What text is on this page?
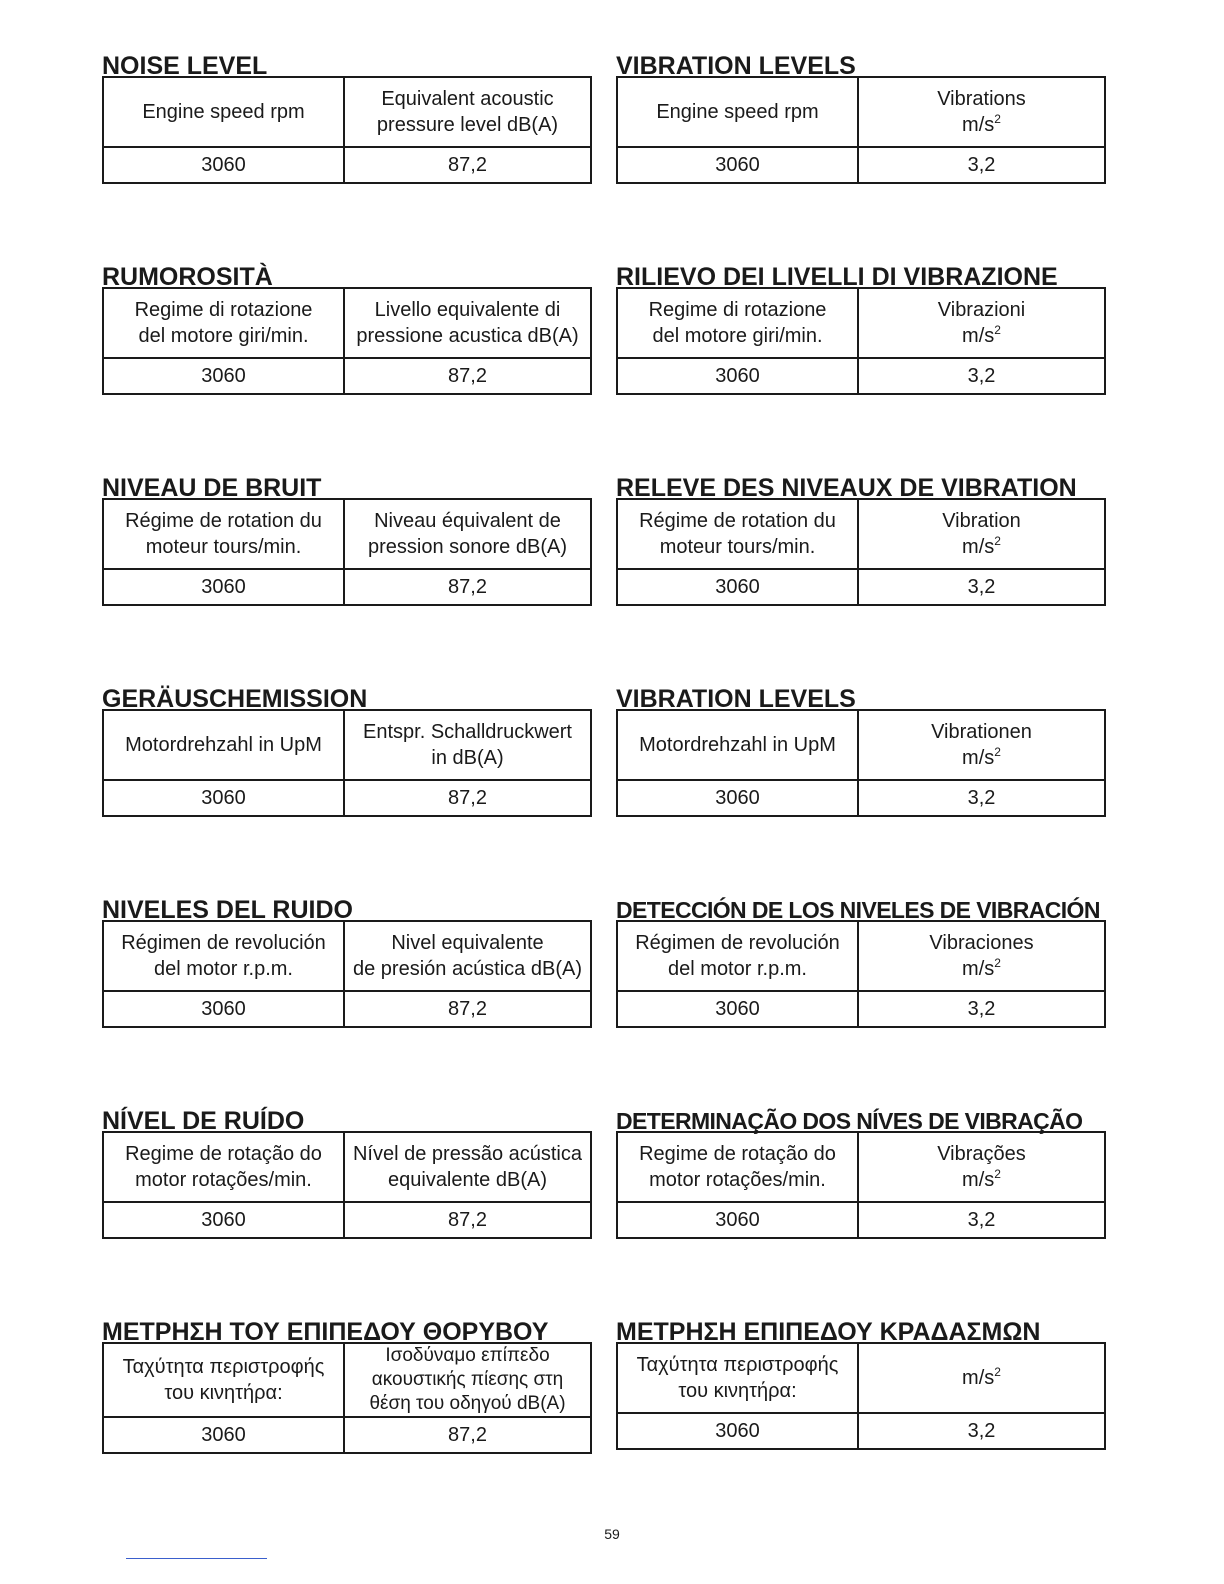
NOISE LEVEL
Engine speed rpm	Equivalent acoustic
pressure level dB(A)

3060	87,2
VIBRATION LEVELS
Engine speed rpm	Vibrations
$m/s^2$

3060	3,2
RUMOROSITÀ
Regime di rotazione
del motore giri/min.	Livello equivalente di
pressione acustica dB(A)

3060	87,2
RILIEVO DEI LIVELLI DI VIBRAZIONE
Regime di rotazione
del motore giri/min.	Vibrazioni
$m/s^2$

3060	3,2
NIVEAU DE BRUIT
Régime de rotation du
moteur tours/min.	Niveau équivalent de
pression sonore dB(A)

3060	87,2
RELEVE DES NIVEAUX DE VIBRATION
Régime de rotation du
moteur tours/min.	Vibration
$m/s^2$

3060	3,2
GERÄUSCHEMISSION
Motordrehzahl in UpM	Entspr. Schalldruckwert
in dB(A)

3060	87,2
VIBRATION LEVELS
Motordrehzahl in UpM	Vibrationen
$m/s^2$

3060	3,2
NIVELES DEL RUIDO
Régimen de revolución
del motor r.p.m.	Nivel equivalente
de presión acústica dB(A)

3060	87,2
DETECCIÓN DE LOS NIVELES DE VIBRACIÓN
Régimen de revolución
del motor r.p.m.	Vibraciones
$m/s^2$

3060	3,2
NÍVEL DE RUÍDO
Regime de rotação do
motor rotações/min.	Nível de pressão acústica
equivalente dB(A)

3060	87,2
DETERMINAÇÃO DOS NÍVES DE VIBRAÇÃO
Regime de rotação do
motor rotações/min.	Vibrações
$m/s^2$

3060	3,2
ΜΕΤΡΗΣΗ ΤΟΥ ΕΠΙΠΕΔΟΥ ΘΟΡΥΒΟΥ
Ταχύτητα περιστροφής
του κινητήρα:	Ισοδύναμο επίπεδο
ακουστικής πίεσης στη
θέση του οδηγού dB(A)

3060	87,2
ΜΕΤΡΗΣΗ ΕΠΙΠΕΔΟΥ ΚΡΑΔΑΣΜΩΝ
Ταχύτητα περιστροφής
του κινητήρα:	$m/s^2$

3060	3,2
59
